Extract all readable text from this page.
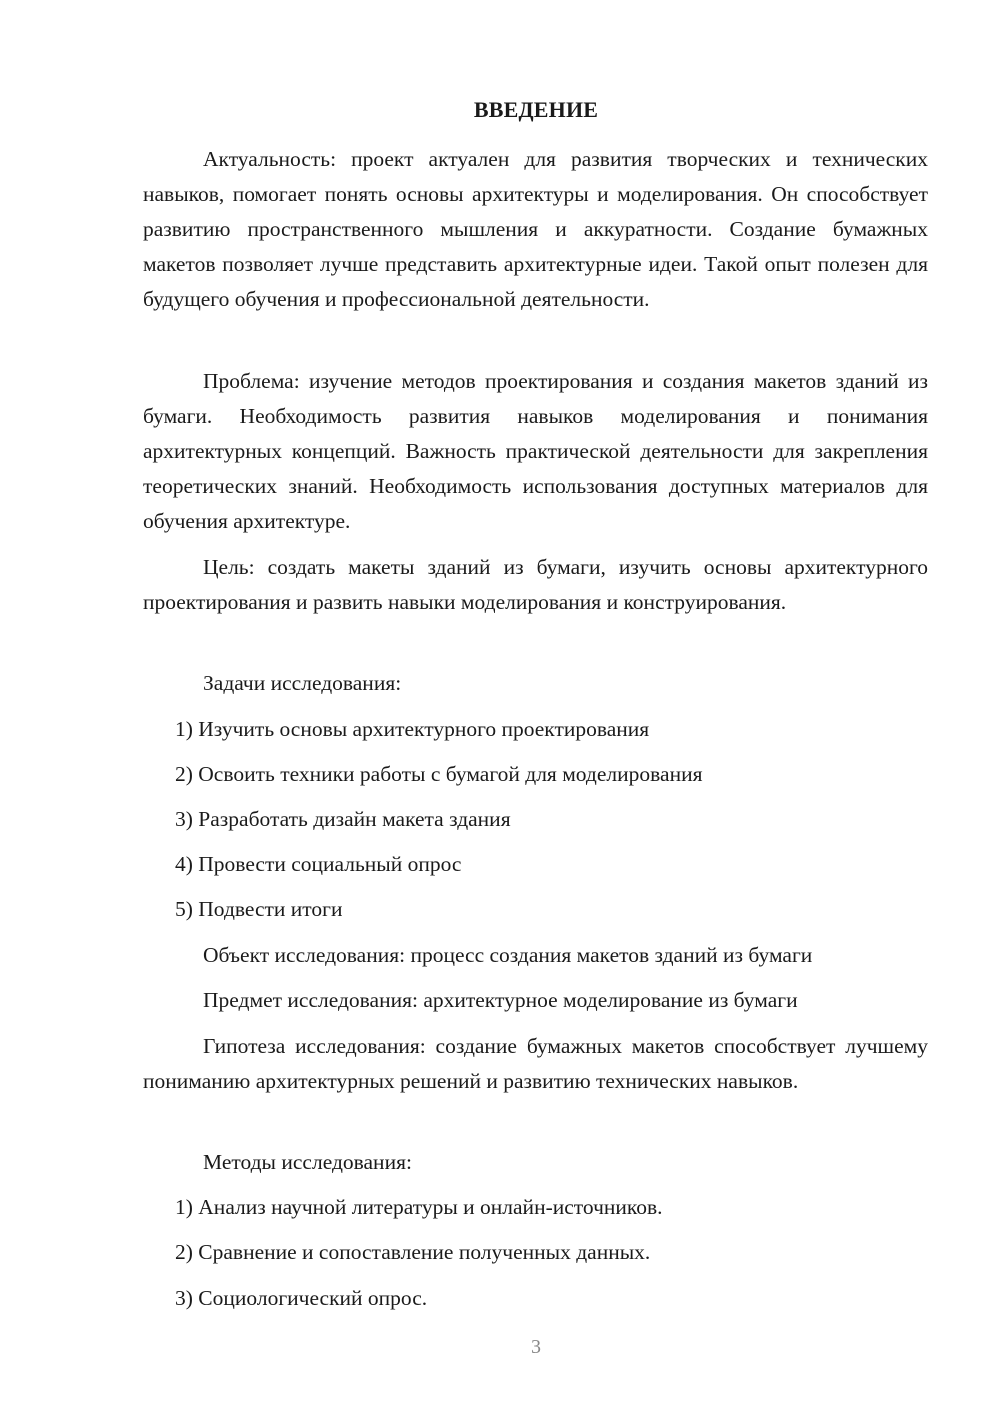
ВВЕДЕНИЕ

Актуальность: проект актуален для развития творческих и технических навыков, помогает понять основы архитектуры и моделирования. Он способствует развитию пространственного мышления и аккуратности. Создание бумажных макетов позволяет лучше представить архитектурные идеи. Такой опыт полезен для будущего обучения и профессиональной деятельности.

Проблема: изучение методов проектирования и создания макетов зданий из бумаги. Необходимость развития навыков моделирования и понимания архитектурных концепций. Важность практической деятельности для закрепления теоретических знаний. Необходимость использования доступных материалов для обучения архитектуре.

Цель: создать макеты зданий из бумаги, изучить основы архитектурного проектирования и развить навыки моделирования и конструирования.

Задачи исследования:

1) Изучить основы архитектурного проектирования

2) Освоить техники работы с бумагой для моделирования

3) Разработать дизайн макета здания

4) Провести социальный опрос

5) Подвести итоги

Объект исследования: процесс создания макетов зданий из бумаги

Предмет исследования: архитектурное моделирование из бумаги

Гипотеза исследования: создание бумажных макетов способствует лучшему пониманию архитектурных решений и развитию технических навыков.

Методы исследования:

1) Анализ научной литературы и онлайн-источников.

2) Сравнение и сопоставление полученных данных.

3) Социологический опрос.

3
